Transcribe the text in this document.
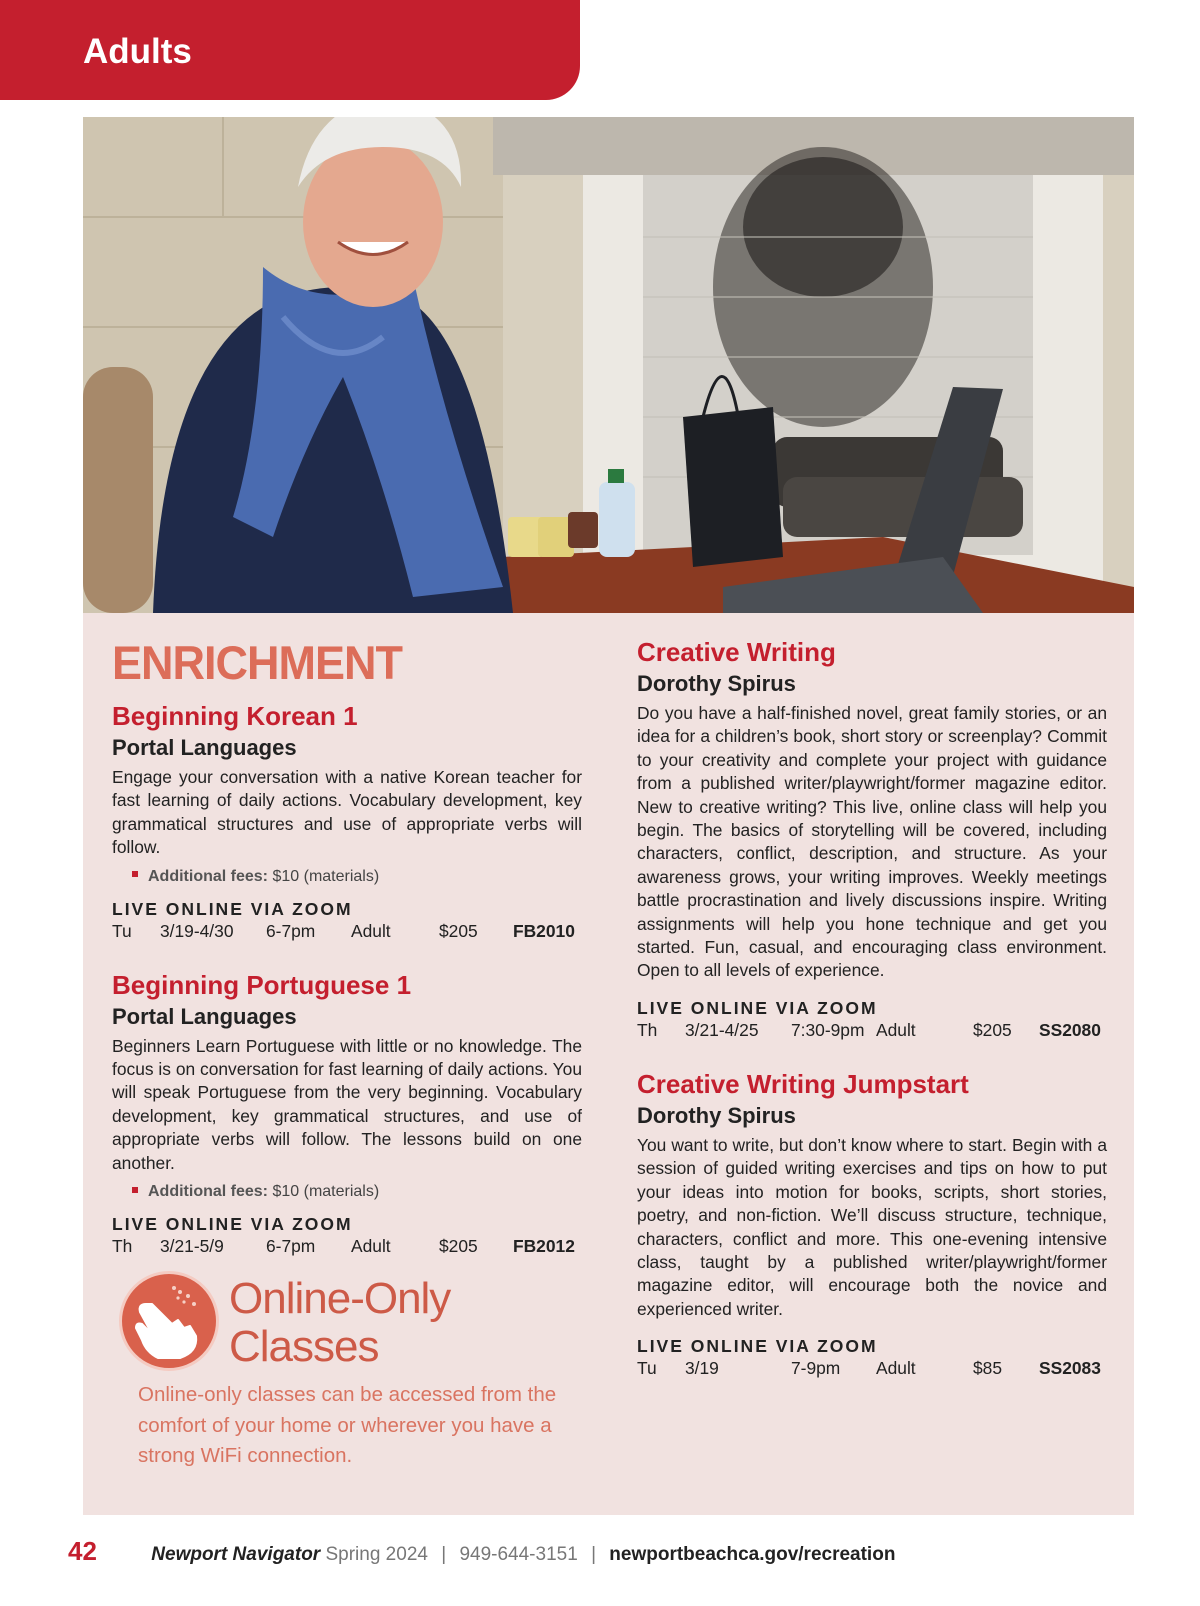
Adults
ENRICHMENT
Beginning Korean 1
Portal Languages

Engage your conversation with a native Korean teacher for fast learning of daily actions. Vocabulary development, key grammatical structures and use of appropriate verbs will follow.

Additional fees: $10 (materials)
LIVE ONLINE VIA ZOOM
Tu	3/19-4/30	6-7pm	Adult	$205	FB2010
Beginning Portuguese 1
Portal Languages

Beginners Learn Portuguese with little or no knowledge. The focus is on conversation for fast learning of daily actions. You will speak Portuguese from the very beginning. Vocabulary development, key grammatical structures, and use of appropriate verbs will follow. The lessons build on one another.

Additional fees: $10 (materials)
LIVE ONLINE VIA ZOOM
Th	3/21-5/9	6-7pm	Adult	$205	FB2012
Online-Only
Classes
Online-only classes can be accessed from the comfort of your home or wherever you have a strong WiFi connection.
Creative Writing
Dorothy Spirus

Do you have a half-finished novel, great family stories, or an idea for a children’s book, short story or screenplay? Commit to your creativity and complete your project with guidance from a published writer/playwright/former magazine editor. New to creative writing? This live, online class will help you begin. The basics of storytelling will be covered, including characters, conflict, description, and structure. As your awareness grows, your writing improves. Weekly meetings battle procrastination and lively discussions inspire. Writing assignments will help you hone technique and get you started. Fun, casual, and encouraging class environment. Open to all levels of experience.

LIVE ONLINE VIA ZOOM
Th	3/21-4/25	7:30-9pm Adult	$205	SS2080
Creative Writing Jumpstart
Dorothy Spirus

You want to write, but don’t know where to start. Begin with a session of guided writing exercises and tips on how to put your ideas into motion for books, scripts, short stories, poetry, and non-fiction. We’ll discuss structure, technique, characters, conflict and more. This one-evening intensive class, taught by a published writer/playwright/former magazine editor, will encourage both the novice and experienced writer.

LIVE ONLINE VIA ZOOM
Tu	3/19	7-9pm	Adult	$85	SS2083
42	Newport Navigator Spring 2024 | 949-644-3151 | newportbeachca.gov/recreation
